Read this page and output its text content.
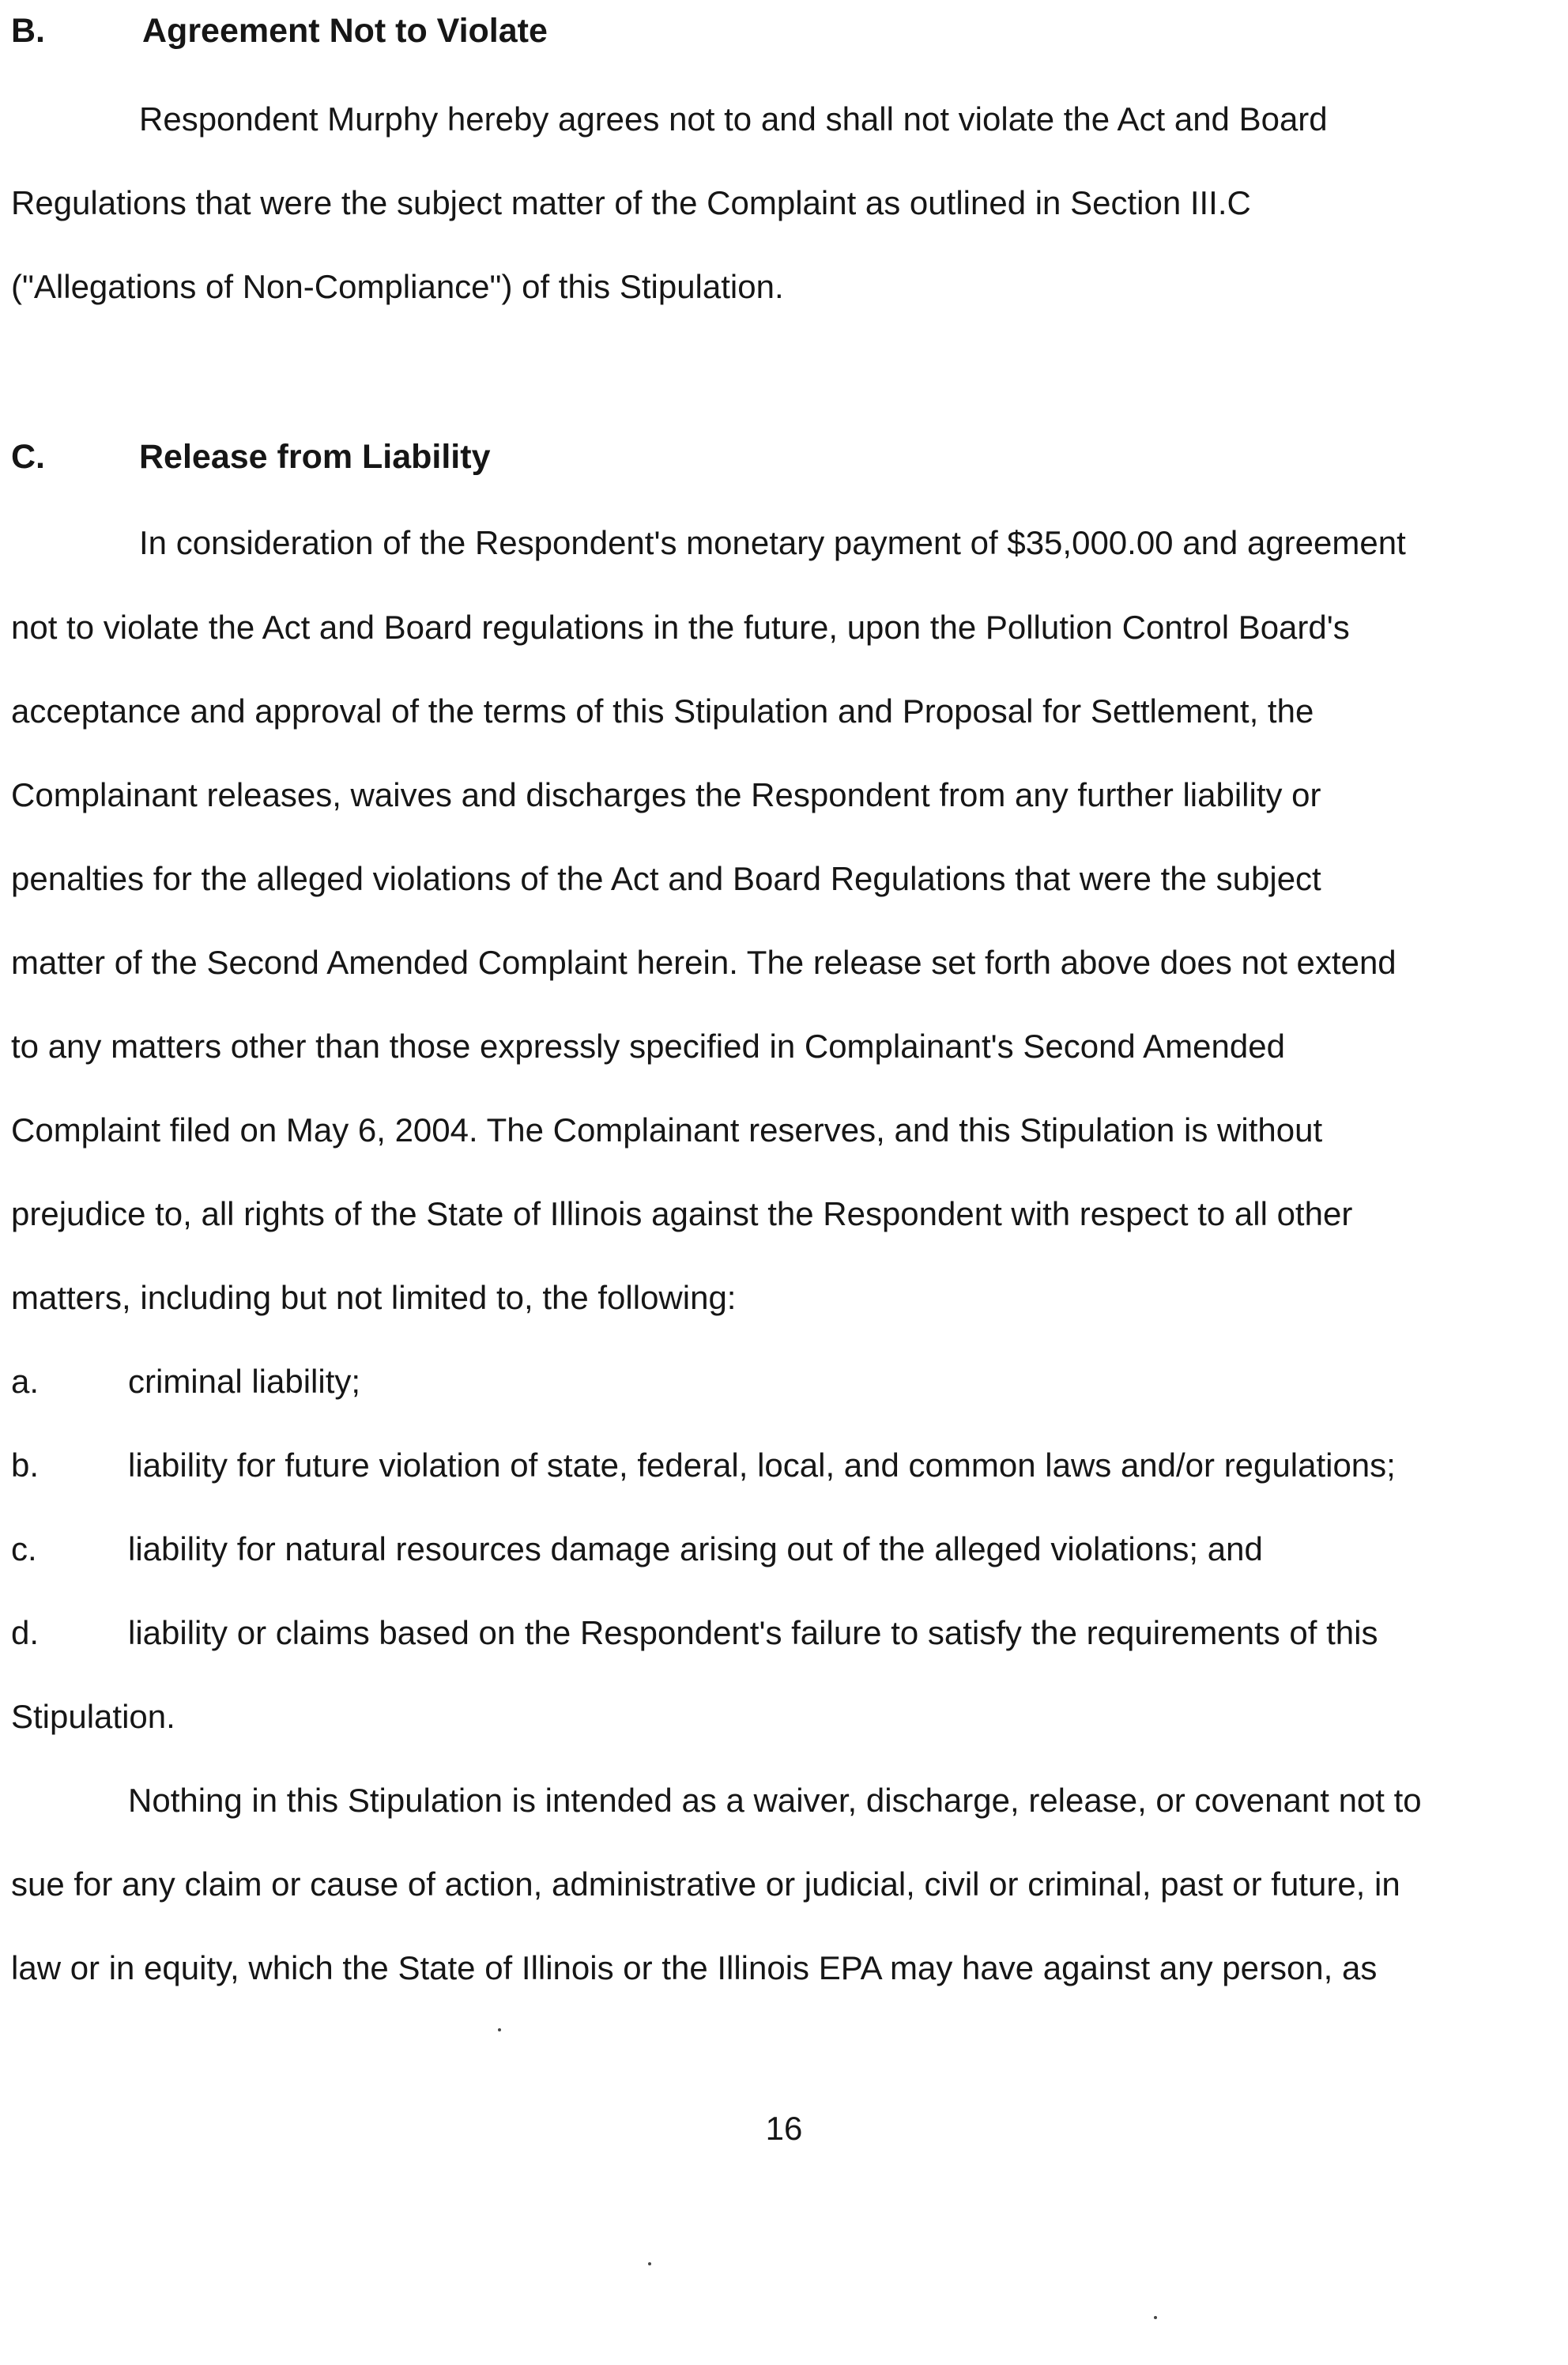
B.	Agreement Not to Violate
Respondent Murphy hereby agrees not to and shall not violate the Act and Board
Regulations that were the subject matter of the Complaint as outlined in Section III.C
("Allegations of Non-Compliance") of this Stipulation.
C.	Release from Liability
In consideration of the Respondent's monetary payment of $35,000.00 and agreement
not to violate the Act and Board regulations in the future, upon the Pollution Control Board's
acceptance and approval of the terms of this Stipulation and Proposal for Settlement, the
Complainant releases, waives and discharges the Respondent from any further liability or
penalties for the alleged violations of the Act and Board Regulations that were the subject
matter of the Second Amended Complaint herein. The release set forth above does not extend
to any matters other than those expressly specified in Complainant's Second Amended
Complaint filed on May 6, 2004. The Complainant reserves, and this Stipulation is without
prejudice to, all rights of the State of Illinois against the Respondent with respect to all other
matters, including but not limited to, the following:
a.	criminal liability;
b.	liability for future violation of state, federal, local, and common laws and/or regulations;
c.	liability for natural resources damage arising out of the alleged violations; and
d.	liability or claims based on the Respondent's failure to satisfy the requirements of this
Stipulation.
Nothing in this Stipulation is intended as a waiver, discharge, release, or covenant not to
sue for any claim or cause of action, administrative or judicial, civil or criminal, past or future, in
law or in equity, which the State of Illinois or the Illinois EPA may have against any person, as
16
